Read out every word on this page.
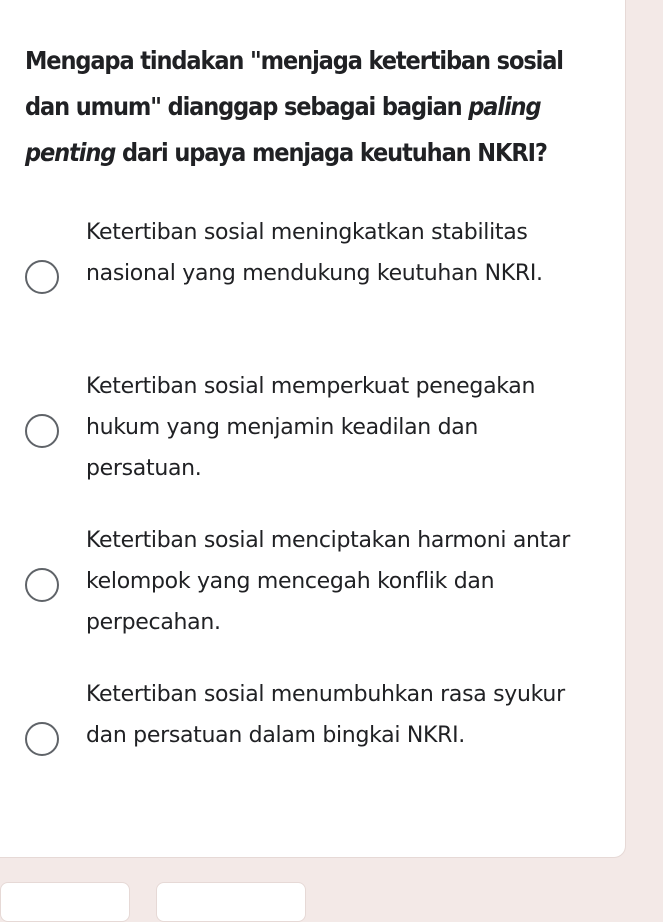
Mengapa tindakan "menjaga ketertiban sosial dan umum" dianggap sebagai bagian paling penting dari upaya menjaga keutuhan NKRI?

Ketertiban sosial meningkatkan stabilitas nasional yang mendukung keutuhan NKRI.
Ketertiban sosial memperkuat penegakan hukum yang menjamin keadilan dan persatuan.
Ketertiban sosial menciptakan harmoni antar kelompok yang mencegah konflik dan perpecahan.
Ketertiban sosial menumbuhkan rasa syukur dan persatuan dalam bingkai NKRI.
